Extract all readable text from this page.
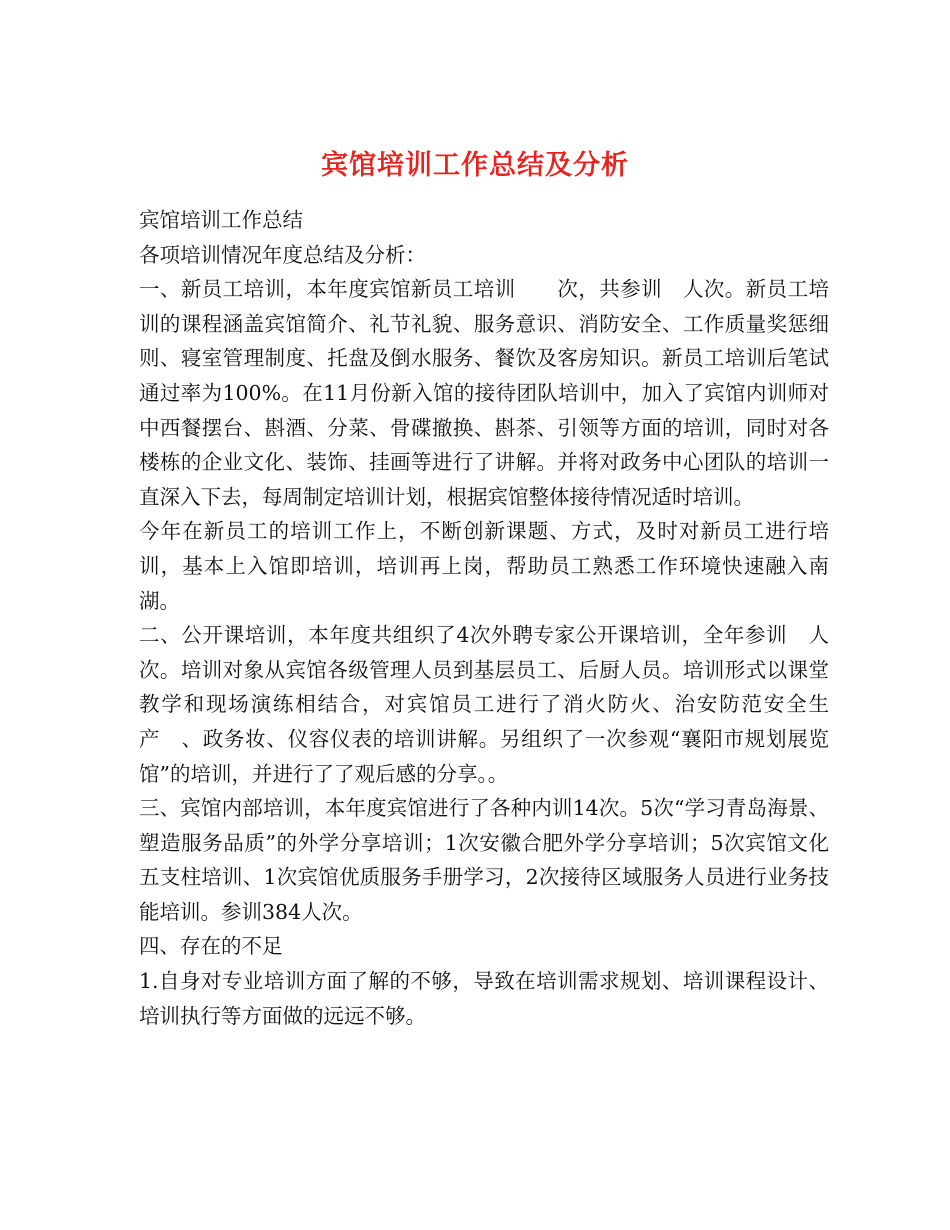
宾馆培训工作总结及分析

宾馆培训工作总结

各项培训情况年度总结及分析：

一、新员工培训，本年度宾馆新员工培训　　次，共参训　人次。新员工培训的课程涵盖宾馆简介、礼节礼貌、服务意识、消防安全、工作质量奖惩细则、寝室管理制度、托盘及倒水服务、餐饮及客房知识。新员工培训后笔试通过率为100%。在11月份新入馆的接待团队培训中，加入了宾馆内训师对中西餐摆台、斟酒、分菜、骨碟撤换、斟茶、引领等方面的培训，同时对各楼栋的企业文化、装饰、挂画等进行了讲解。并将对政务中心团队的培训一直深入下去，每周制定培训计划，根据宾馆整体接待情况适时培训。

今年在新员工的培训工作上，不断创新课题、方式，及时对新员工进行培训，基本上入馆即培训，培训再上岗，帮助员工熟悉工作环境快速融入南湖。

二、公开课培训，本年度共组织了4次外聘专家公开课培训，全年参训　人次。培训对象从宾馆各级管理人员到基层员工、后厨人员。培训形式以课堂教学和现场演练相结合，对宾馆员工进行了消火防火、治安防范安全生产　、政务妆、仪容仪表的培训讲解。另组织了一次参观“襄阳市规划展览馆”的培训，并进行了了观后感的分享。。

三、宾馆内部培训，本年度宾馆进行了各种内训14次。5次“学习青岛海景、塑造服务品质”的外学分享培训；1次安徽合肥外学分享培训；5次宾馆文化五支柱培训、1次宾馆优质服务手册学习，2次接待区域服务人员进行业务技能培训。参训384人次。

四、存在的不足

1.自身对专业培训方面了解的不够，导致在培训需求规划、培训课程设计、培训执行等方面做的远远不够。
